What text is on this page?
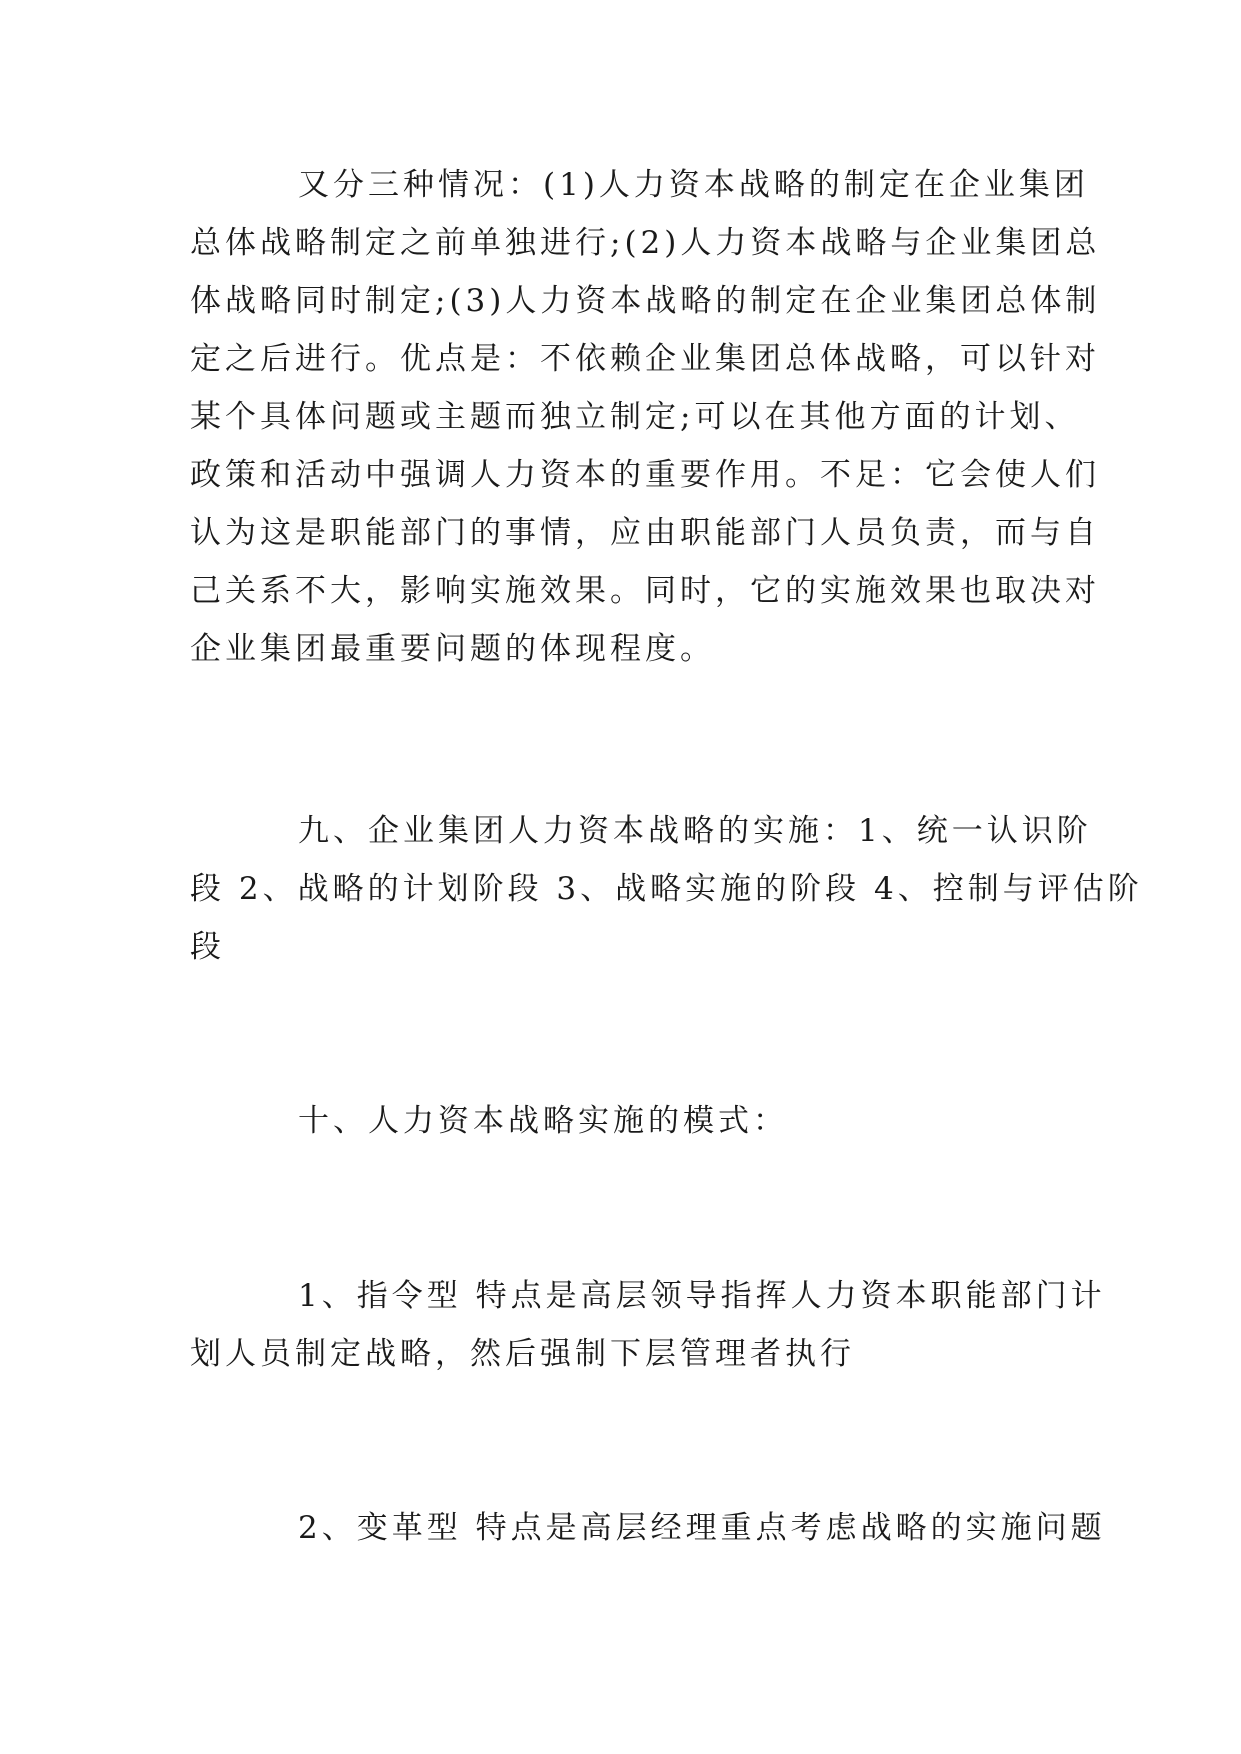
又分三种情况：(1)人力资本战略的制定在企业集团
总体战略制定之前单独进行;(2)人力资本战略与企业集团总
体战略同时制定;(3)人力资本战略的制定在企业集团总体制
定之后进行。优点是：不依赖企业集团总体战略，可以针对
某个具体问题或主题而独立制定;可以在其他方面的计划、
政策和活动中强调人力资本的重要作用。不足：它会使人们
认为这是职能部门的事情，应由职能部门人员负责，而与自
己关系不大，影响实施效果。同时，它的实施效果也取决对
企业集团最重要问题的体现程度。
九、企业集团人力资本战略的实施：1、统一认识阶
段 2、战略的计划阶段 3、战略实施的阶段 4、控制与评估阶
段
十、人力资本战略实施的模式：
1、指令型 特点是高层领导指挥人力资本职能部门计
划人员制定战略，然后强制下层管理者执行
2、变革型 特点是高层经理重点考虑战略的实施问题
